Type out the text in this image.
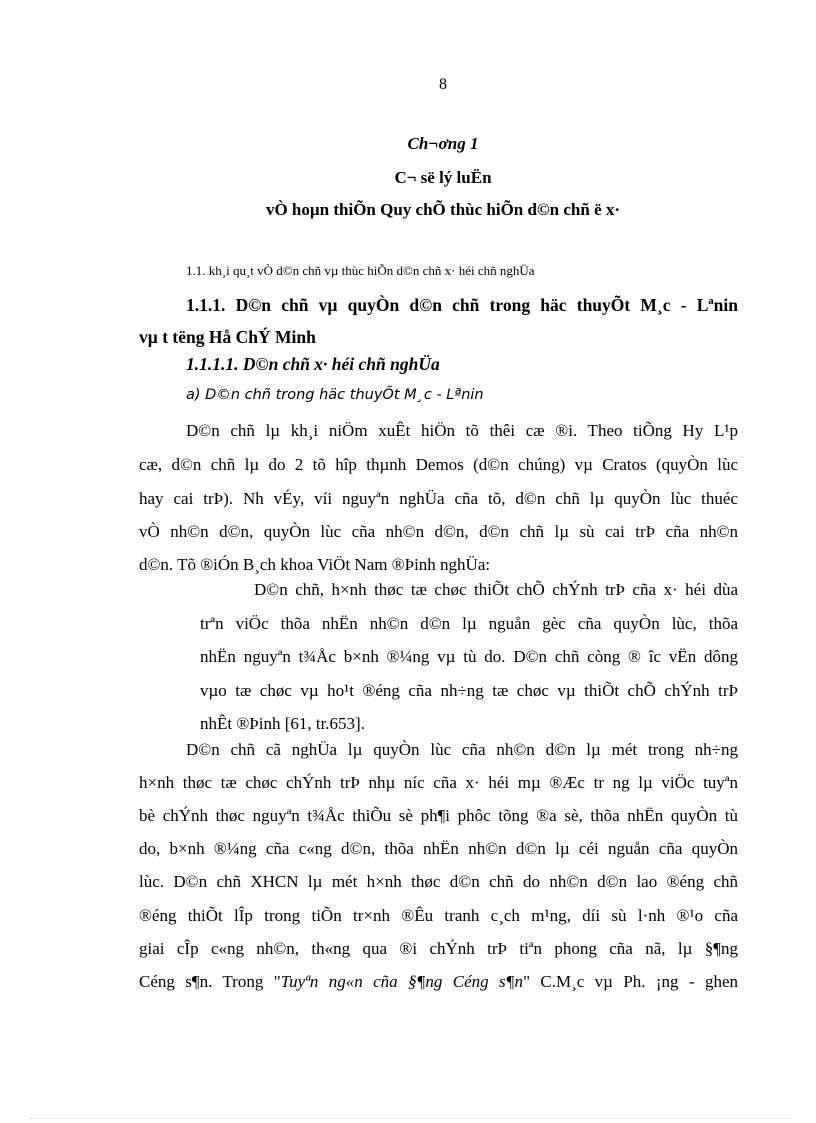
8
Ch¬ơng 1
C¬ së lý luËn
vÒ hoµn thiÕn Quy chÕ thùc hiÕn d©n chñ ë x·
1.1. kh¸i qu¸t vÒ d©n chñ vµ thùc hiÕn d©n chñ x· héi chñ nghÜa
1.1.1. D©n chñ vµ quyÒn d©n chñ trong häc thuyÕt M¸c - Lªnin
vµ t tëng Hå ChÝ Minh
1.1.1.1. D©n chñ x· héi chñ nghÜa
a) D©n chñ trong häc thuyÕt M¸c - Lªnin
D©n chñ lµ kh¸i niÖm xuÊt hiÖn tõ thêi cæ ®i. Theo tiÕng Hy L¹p
cæ, d©n chñ lµ do 2 tõ hîp thµnh Demos (d©n chúng) vµ Cratos (quyÒn lùc
hay cai trÞ). Nh vÉy, víi nguyªn nghÜa cña tõ, d©n chñ lµ quyÒn lùc thuéc
vÒ nh©n d©n, quyÒn lùc cña nh©n d©n, d©n chñ lµ sù cai trÞ cña nh©n
d©n. Tõ ®iÓn B¸ch khoa ViÖt Nam ®Þinh nghÜa:
D©n chñ, h×nh thøc tæ chøc thiÕt chÕ chÝnh trÞ cña x· héi dùa
trªn viÖc thõa nhËn nh©n d©n lµ nguån gèc cña quyÒn lùc, thõa
nhËn nguyªn t¾Åc b×nh ®¼ng vµ tù do. D©n chñ còng ® îc vËn dông
vµo tæ chøc vµ ho¹t ®éng cña nh÷ng tæ chøc vµ thiÕt chÕ chÝnh trÞ
nhÊt ®Þinh [61, tr.653].
D©n chñ cã nghÜa lµ quyÒn lùc cña nh©n d©n lµ mét trong nh÷ng
h×nh thøc tæ chøc chÝnh trÞ nhµ níc cña x· héi mµ ®Æc tr ng lµ viÖc tuyªn
bè chÝnh thøc nguyªn t¾Åc thiÕu sè ph¶i phôc tõng ®a sè, thõa nhËn quyÒn tù
do, b×nh ®¼ng cña c«ng d©n, thõa nhËn nh©n d©n lµ céi nguån cña quyÒn
lùc. D©n chñ XHCN lµ mét h×nh thøc d©n chñ do nh©n d©n lao ®éng chñ
®éng thiÕt lÎp trong tiÕn tr×nh ®Êu tranh c¸ch m¹ng, díi sù l·nh ®¹o cña
giai cÎp c«ng nh©n, th«ng qua ®i chÝnh trÞ tiªn phong cña nã, lµ §¶ng
Céng s¶n. Trong "Tuyªn ng«n cña §¶ng Céng s¶n" C.M¸c vµ Ph. ¡ng - ghen
